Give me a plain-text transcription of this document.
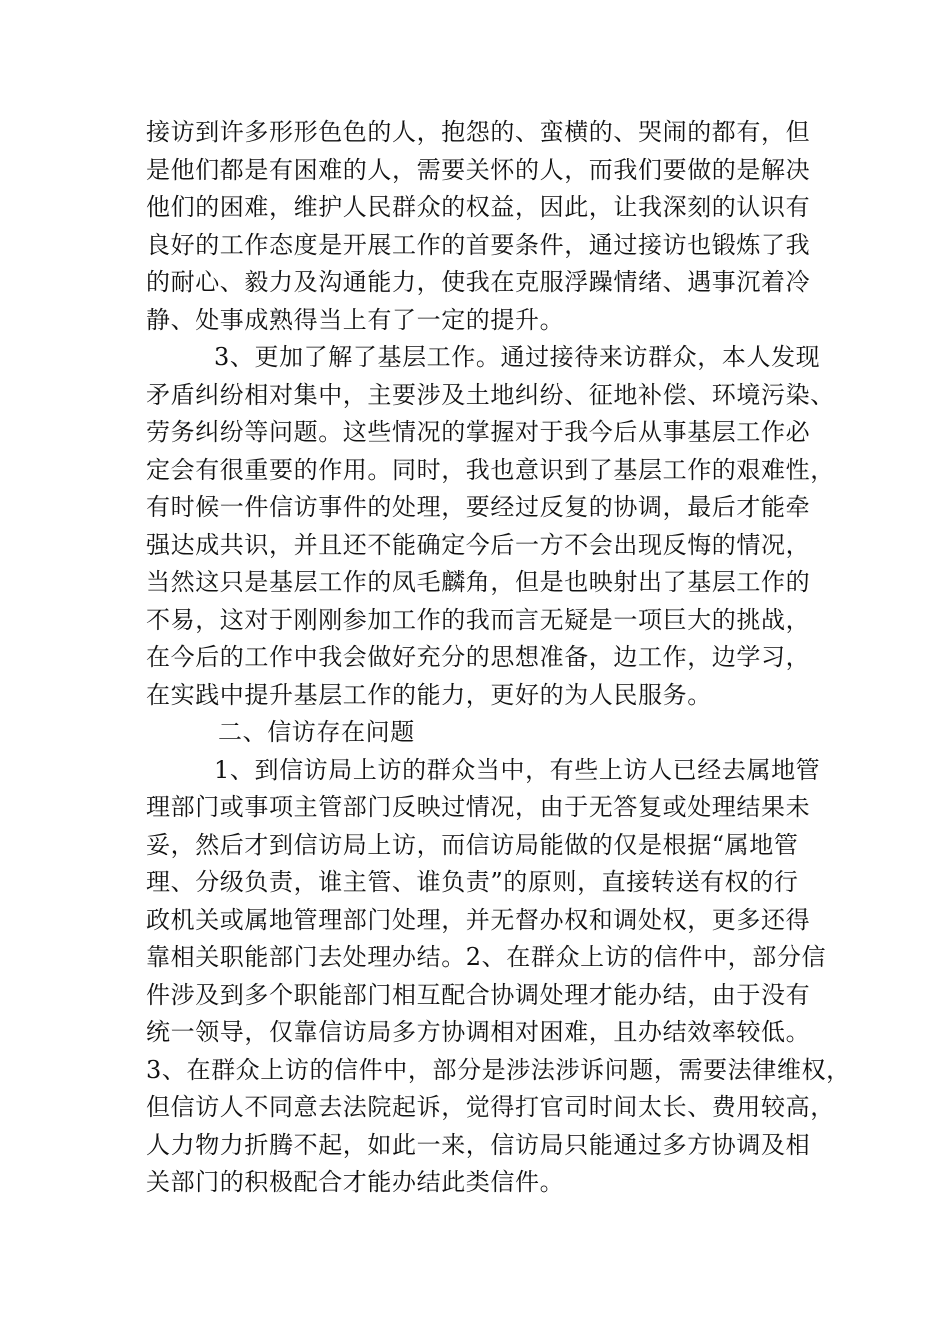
接访到许多形形色色的人，抱怨的、蛮横的、哭闹的都有，但
是他们都是有困难的人，需要关怀的人，而我们要做的是解决
他们的困难，维护人民群众的权益，因此，让我深刻的认识有
良好的工作态度是开展工作的首要条件，通过接访也锻炼了我
的耐心、毅力及沟通能力，使我在克服浮躁情绪、遇事沉着冷
静、处事成熟得当上有了一定的提升。
3、更加了解了基层工作。通过接待来访群众，本人发现
矛盾纠纷相对集中，主要涉及土地纠纷、征地补偿、环境污染、
劳务纠纷等问题。这些情况的掌握对于我今后从事基层工作必
定会有很重要的作用。同时，我也意识到了基层工作的艰难性，
有时候一件信访事件的处理，要经过反复的协调，最后才能牵
强达成共识，并且还不能确定今后一方不会出现反悔的情况，
当然这只是基层工作的凤毛麟角，但是也映射出了基层工作的
不易，这对于刚刚参加工作的我而言无疑是一项巨大的挑战，
在今后的工作中我会做好充分的思想准备，边工作，边学习，
在实践中提升基层工作的能力，更好的为人民服务。
二、信访存在问题
1、到信访局上访的群众当中，有些上访人已经去属地管
理部门或事项主管部门反映过情况，由于无答复或处理结果未
妥，然后才到信访局上访，而信访局能做的仅是根据“属地管
理、分级负责，谁主管、谁负责”的原则，直接转送有权的行
政机关或属地管理部门处理，并无督办权和调处权，更多还得
靠相关职能部门去处理办结。2、在群众上访的信件中，部分信
件涉及到多个职能部门相互配合协调处理才能办结，由于没有
统一领导，仅靠信访局多方协调相对困难，且办结效率较低。
3、在群众上访的信件中，部分是涉法涉诉问题，需要法律维权，
但信访人不同意去法院起诉，觉得打官司时间太长、费用较高，
人力物力折腾不起，如此一来，信访局只能通过多方协调及相
关部门的积极配合才能办结此类信件。
